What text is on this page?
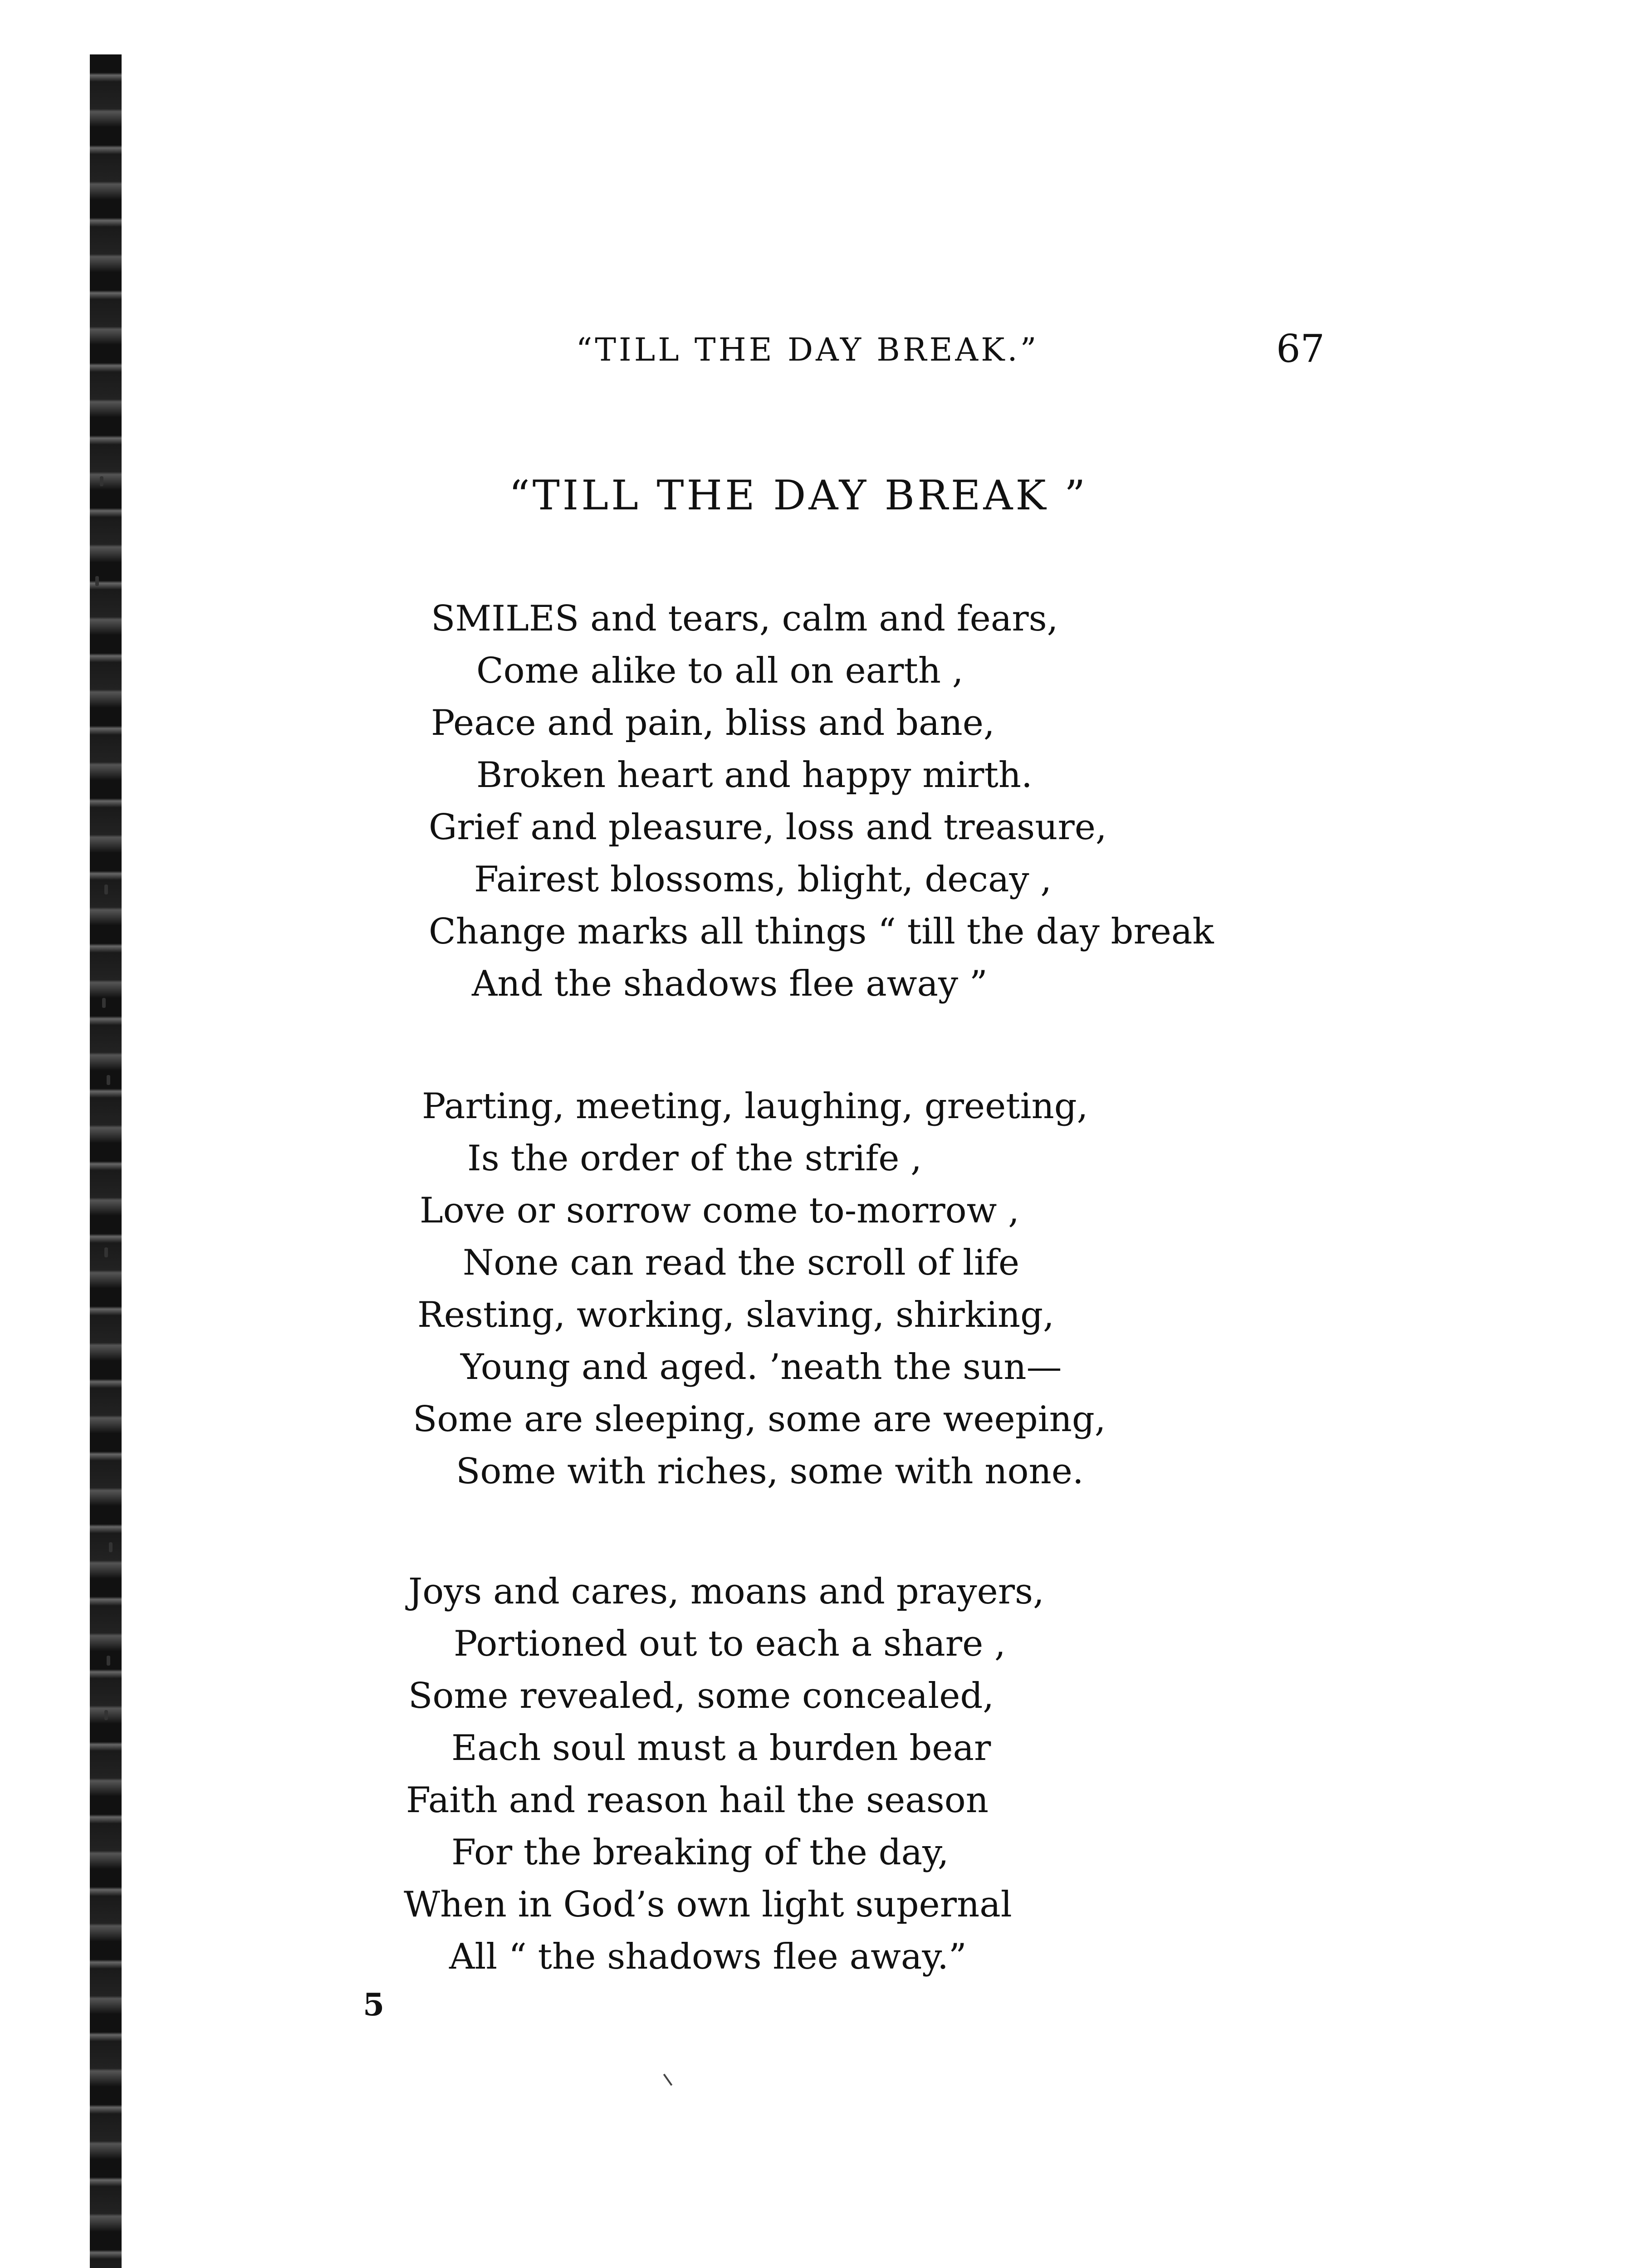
“TILL THE DAY BREAK.”	67
“TILL THE DAY BREAK ”
SMILES and tears, calm and fears,
Come alike to all on earth ,
Peace and pain, bliss and bane,
Broken heart and happy mirth.
Grief and pleasure, loss and treasure,
Fairest blossoms, blight, decay ,
Change marks all things “ till the day break
And the shadows flee away ”
Parting, meeting, laughing, greeting,
Is the order of the strife ,
Love or sorrow come to-morrow ,
None can read the scroll of life
Resting, working, slaving, shirking,
Young and aged. ’neath the sun—
Some are sleeping, some are weeping,
Some with riches, some with none.
Joys and cares, moans and prayers,
Portioned out to each a share ,
Some revealed, some concealed,
Each soul must a burden bear
Faith and reason hail the season
For the breaking of the day,
When in God’s own light supernal
All “ the shadows flee away.”
5
